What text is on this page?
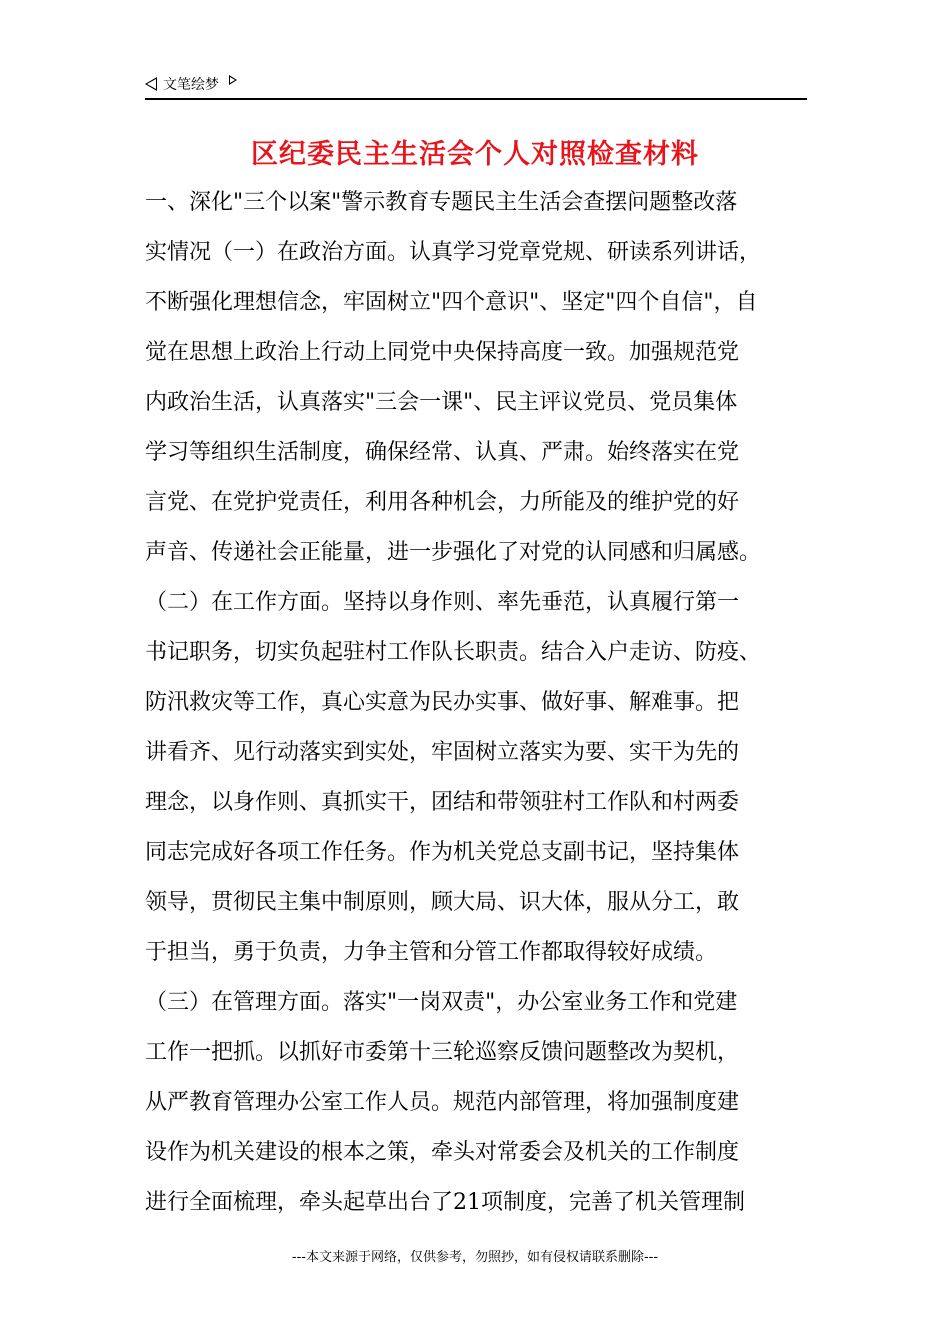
文笔绘梦
区纪委民主生活会个人对照检查材料
一、深化"三个以案"警示教育专题民主生活会查摆问题整改落
实情况（一）在政治方面。认真学习党章党规、研读系列讲话，
不断强化理想信念，牢固树立"四个意识"、坚定"四个自信"，自
觉在思想上政治上行动上同党中央保持高度一致。加强规范党
内政治生活，认真落实"三会一课"、民主评议党员、党员集体
学习等组织生活制度，确保经常、认真、严肃。始终落实在党
言党、在党护党责任，利用各种机会，力所能及的维护党的好
声音、传递社会正能量，进一步强化了对党的认同感和归属感。
（二）在工作方面。坚持以身作则、率先垂范，认真履行第一
书记职务，切实负起驻村工作队长职责。结合入户走访、防疫、
防汛救灾等工作，真心实意为民办实事、做好事、解难事。把
讲看齐、见行动落实到实处，牢固树立落实为要、实干为先的
理念，以身作则、真抓实干，团结和带领驻村工作队和村两委
同志完成好各项工作任务。作为机关党总支副书记，坚持集体
领导，贯彻民主集中制原则，顾大局、识大体，服从分工，敢
于担当，勇于负责，力争主管和分管工作都取得较好成绩。
（三）在管理方面。落实"一岗双责"，办公室业务工作和党建
工作一把抓。以抓好市委第十三轮巡察反馈问题整改为契机，
从严教育管理办公室工作人员。规范内部管理，将加强制度建
设作为机关建设的根本之策，牵头对常委会及机关的工作制度
进行全面梳理，牵头起草出台了21项制度，完善了机关管理制
---本文来源于网络，仅供参考，勿照抄，如有侵权请联系删除---
